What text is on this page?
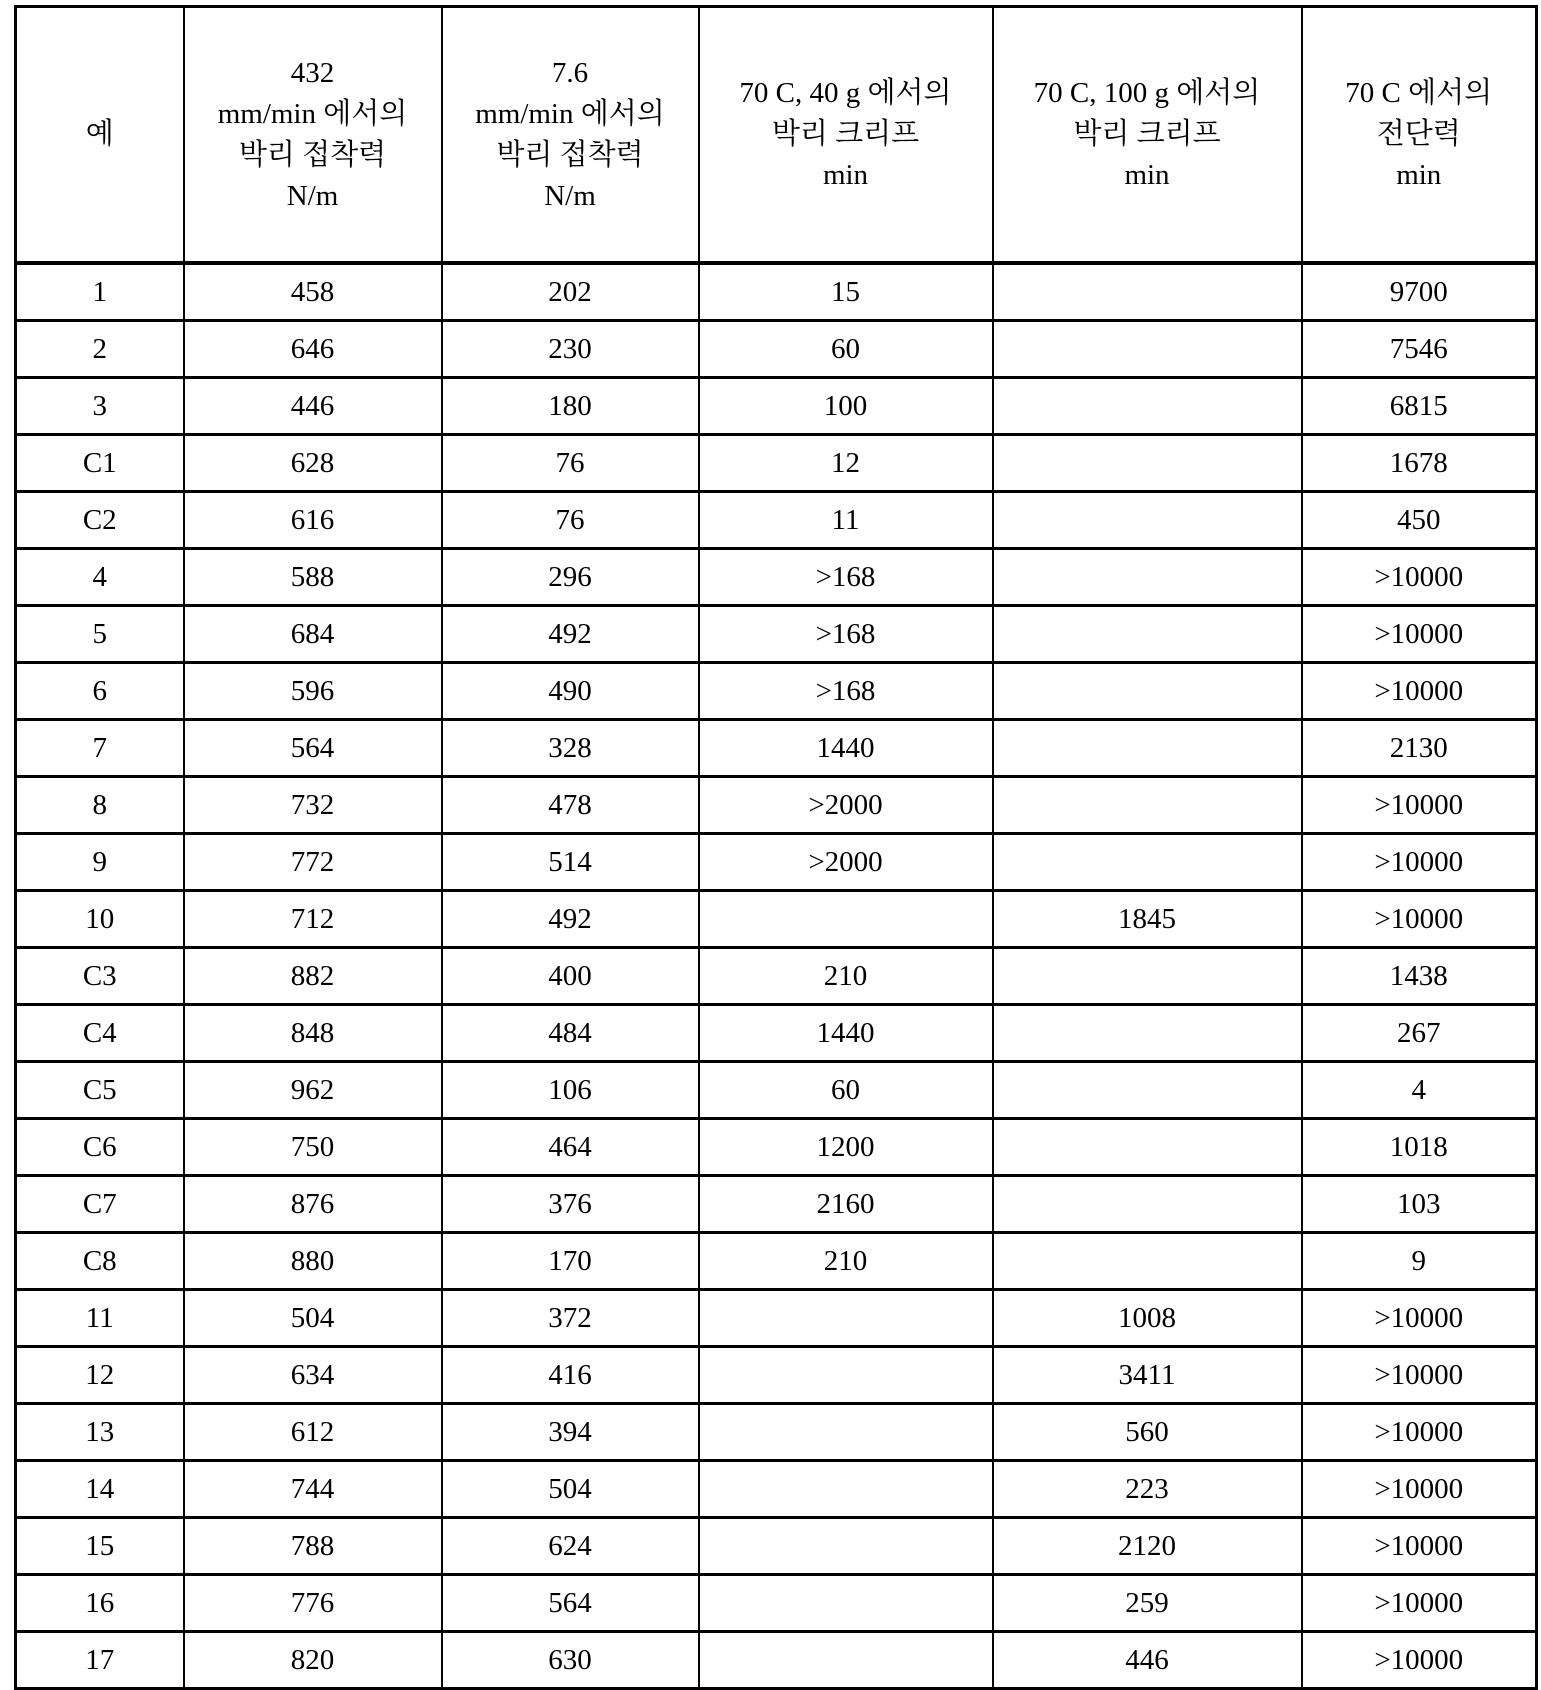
예

432
mm/min 에서의
박리 접착력
N/m

7.6
mm/min 에서의
박리 접착력
N/m

70 C, 40 g 에서의
박리 크리프
min

70 C, 100 g 에서의
박리 크리프
min

70 C 에서의
전단력
min

1	458	202	15		9700
2	646	230	60		7546
3	446	180	100		6815
C1	628	76	12		1678
C2	616	76	11		450
4	588	296	>168		>10000
5	684	492	>168		>10000
6	596	490	>168		>10000
7	564	328	1440		2130
8	732	478	>2000		>10000
9	772	514	>2000		>10000
10	712	492		1845	>10000
C3	882	400	210		1438
C4	848	484	1440		267
C5	962	106	60		4
C6	750	464	1200		1018
C7	876	376	2160		103
C8	880	170	210		9
11	504	372		1008	>10000
12	634	416		3411	>10000
13	612	394		560	>10000
14	744	504		223	>10000
15	788	624		2120	>10000
16	776	564		259	>10000
17	820	630		446	>10000
